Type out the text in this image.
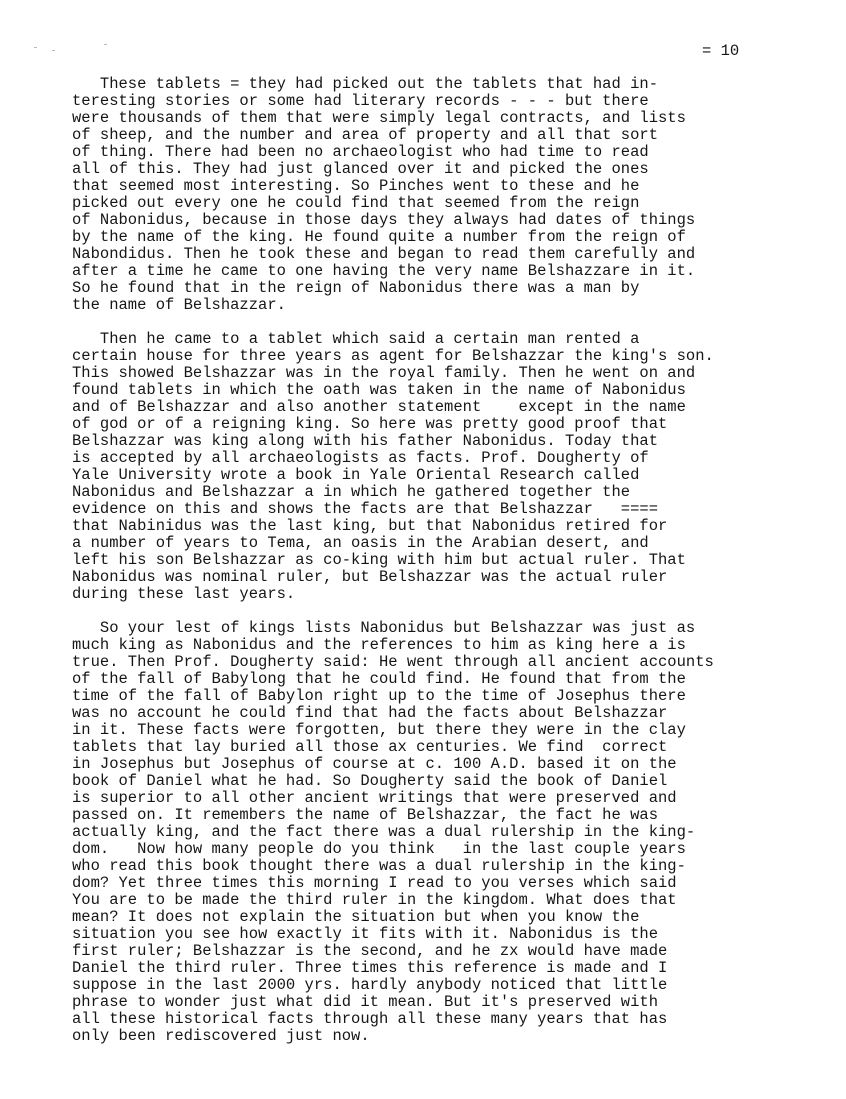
= 10
These tablets = they had picked out the tablets that had in-
teresting stories or some had literary records - - - but there
were thousands of them that were simply legal contracts, and lists
of sheep, and the number and area of property and all that sort
of thing. There had been no archaeologist who had time to read
all of this. They had just glanced over it and picked the ones
that seemed most interesting. So Pinches went to these and he
picked out every one he could find that seemed from the reign
of Nabonidus, because in those days they always had dates of things
by the name of the king. He found quite a number from the reign of
Nabondidus. Then he took these and began to read them carefully and
after a time he came to one having the very name Belshazzare in it.
So he found that in the reign of Nabonidus there was a man by
the name of Belshazzar.
Then he came to a tablet which said a certain man rented a
certain house for three years as agent for Belshazzar the king's son.
This showed Belshazzar was in the royal family. Then he went on and
found tablets in which the oath was taken in the name of Nabonidus
and of Belshazzar and also another statement    except in the name
of god or of a reigning king. So here was pretty good proof that
Belshazzar was king along with his father Nabonidus. Today that
is accepted by all archaeologists as facts. Prof. Dougherty of
Yale University wrote a book in Yale Oriental Research called
Nabonidus and Belshazzar a in which he gathered together the
evidence on this and shows the facts are that Belshazzar   ====
that Nabinidus was the last king, but that Nabonidus retired for
a number of years to Tema, an oasis in the Arabian desert, and
left his son Belshazzar as co-king with him but actual ruler. That
Nabonidus was nominal ruler, but Belshazzar was the actual ruler
during these last years.
So your lest of kings lists Nabonidus but Belshazzar was just as
much king as Nabonidus and the references to him as king here a is
true. Then Prof. Dougherty said: He went through all ancient accounts
of the fall of Babylong that he could find. He found that from the
time of the fall of Babylon right up to the time of Josephus there
was no account he could find that had the facts about Belshazzar
in it. These facts were forgotten, but there they were in the clay
tablets that lay buried all those ax centuries. We find  correct
in Josephus but Josephus of course at c. 100 A.D. based it on the
book of Daniel what he had. So Dougherty said the book of Daniel
is superior to all other ancient writings that were preserved and
passed on. It remembers the name of Belshazzar, the fact he was
actually king, and the fact there was a dual rulership in the king-
dom.   Now how many people do you think   in the last couple years
who read this book thought there was a dual rulership in the king-
dom? Yet three times this morning I read to you verses which said
You are to be made the third ruler in the kingdom. What does that
mean? It does not explain the situation but when you know the
situation you see how exactly it fits with it. Nabonidus is the
first ruler; Belshazzar is the second, and he zx would have made
Daniel the third ruler. Three times this reference is made and I
suppose in the last 2000 yrs. hardly anybody noticed that little
phrase to wonder just what did it mean. But it's preserved with
all these historical facts through all these many years that has
only been rediscovered just now.
